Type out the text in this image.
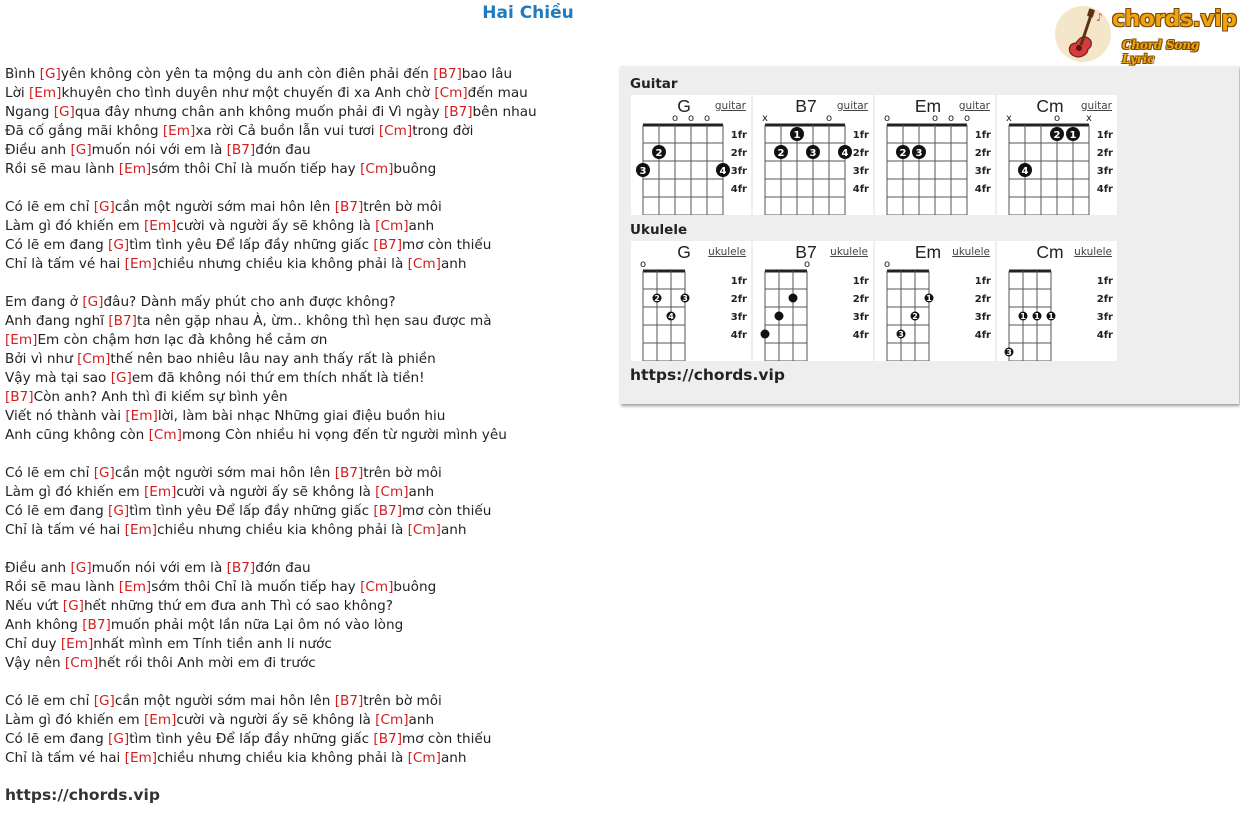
Hai Chiều	♪ chords.vip
Chord Song Lyric
Bình [G]yên không còn yên ta mộng du anh còn điên phải đến [B7]bao lâu
Lời [Em]khuyên cho tình duyên như một chuyến đi xa Anh chờ [Cm]đến mau
Ngang [G]qua đây nhưng chân anh không muốn phải đi Vì ngày [B7]bên nhau
Đã cố gắng mãi không [Em]xa rời Cả buồn lẫn vui tươi [Cm]trong đời
Điều anh [G]muốn nói với em là [B7]đớn đau
Rồi sẽ mau lành [Em]sớm thôi Chỉ là muốn tiếp hay [Cm]buông
Có lẽ em chỉ [G]cần một người sớm mai hôn lên [B7]trên bờ môi
Làm gì đó khiến em [Em]cười và người ấy sẽ không là [Cm]anh
Có lẽ em đang [G]tìm tình yêu Để lấp đầy những giấc [B7]mơ còn thiếu
Chỉ là tấm vé hai [Em]chiều nhưng chiều kia không phải là [Cm]anh
Em đang ở [G]đâu? Dành mấy phút cho anh được không?
Anh đang nghĩ [B7]ta nên gặp nhau À, ừm.. không thì hẹn sau được mà
[Em]Em còn chậm hơn lạc đà không hề cảm ơn
Bởi vì như [Cm]thế nên bao nhiêu lâu nay anh thấy rất là phiền
Vậy mà tại sao [G]em đã không nói thứ em thích nhất là tiền!
[B7]Còn anh? Anh thì đi kiếm sự bình yên
Viết nó thành vài [Em]lời, làm bài nhạc Những giai điệu buồn hiu
Anh cũng không còn [Cm]mong Còn nhiều hi vọng đến từ người mình yêu
Có lẽ em chỉ [G]cần một người sớm mai hôn lên [B7]trên bờ môi
Làm gì đó khiến em [Em]cười và người ấy sẽ không là [Cm]anh
Có lẽ em đang [G]tìm tình yêu Để lấp đầy những giấc [B7]mơ còn thiếu
Chỉ là tấm vé hai [Em]chiều nhưng chiều kia không phải là [Cm]anh
Điều anh [G]muốn nói với em là [B7]đớn đau
Rồi sẽ mau lành [Em]sớm thôi Chỉ là muốn tiếp hay [Cm]buông
Nếu vứt [G]hết những thứ em đưa anh Thì có sao không?
Anh không [B7]muốn phải một lần nữa Lại ôm nó vào lòng
Chỉ duy [Em]nhất mình em Tính tiền anh li nước
Vậy nên [Cm]hết rồi thôi Anh mời em đi trước
Có lẽ em chỉ [G]cần một người sớm mai hôn lên [B7]trên bờ môi
Làm gì đó khiến em [Em]cười và người ấy sẽ không là [Cm]anh
Có lẽ em đang [G]tìm tình yêu Để lấp đầy những giấc [B7]mơ còn thiếu
Chỉ là tấm vé hai [Em]chiều nhưng chiều kia không phải là [Cm]anh
https://chords.vip
Guitar
Ukulele
https://chords.vip
1fr
2fr
3fr
4fr
o o o
2
3	4
G	guitar
1fr
2fr
3fr
4fr
x	o
1
2	3	4
B7	guitar
1fr
2fr
3fr
4fr
o	o o o
2 3
Em	guitar
1fr
2fr
3fr
4fr
x	o	x
2 1
4
Cm	guitar
1fr
2fr
3fr
4fr
o
2	3
4
G	ukulele
1fr
2fr
3fr
4fr
o
B7	ukulele
1fr
2fr
3fr
4fr
o
1
2
3
Em	ukulele
1fr
2fr
3fr
4fr
1 1 1
3
Cm	ukulele
